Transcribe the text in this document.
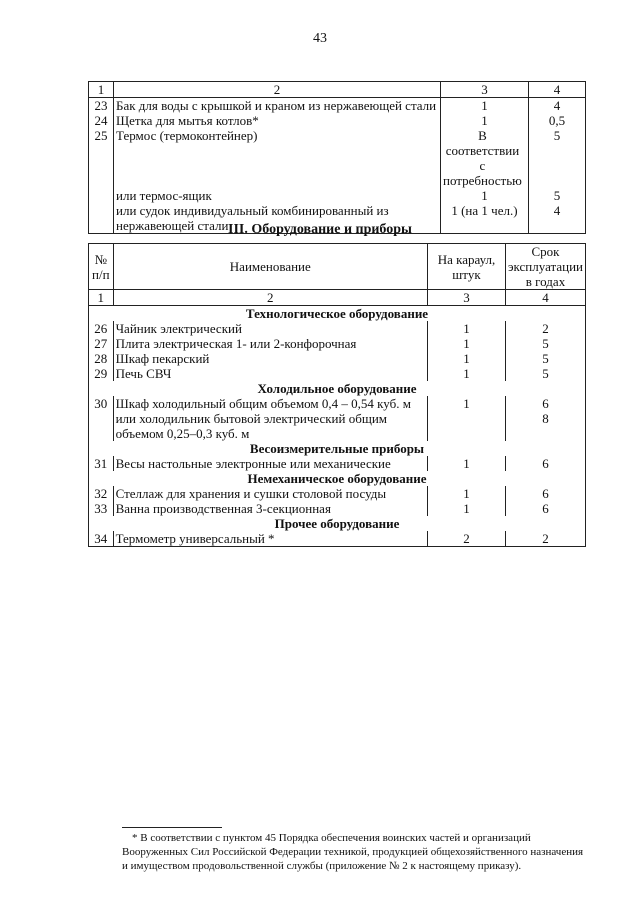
43
1	2	3	4
23	Бак для воды с крышкой и краном из нержавеющей стали	1	4
24	Щетка для мытья котлов*	1	0,5
25	Термос (термоконтейнер)	В соответствии с потребностью	5
	или термос-ящик	1	5
	или судок индивидуальный комбинированный из нержавеющей стали	1 (на 1 чел.)	4
III. Оборудование и приборы
№ п/п	Наименование	На караул, штук	Срок эксплуатации в годах
1	2	3	4
Технологическое оборудование			
26	Чайник электрический	1	2
27	Плита электрическая 1- или 2-конфорочная	1	5
28	Шкаф пекарский	1	5
29	Печь СВЧ	1	5
Холодильное оборудование			
30	Шкаф холодильный общим объемом 0,4 – 0,54 куб. м	1	6
	или холодильник бытовой электрический общим объемом 0,25–0,3 куб. м		8
Весоизмерительные приборы			
31	Весы настольные электронные или механические	1	6
Немеханическое оборудование			
32	Стеллаж для хранения и сушки столовой посуды	1	6
33	Ванна производственная 3-секционная	1	6
Прочее оборудование			
34	Термометр универсальный *	2	2
* В соответствии с пунктом 45 Порядка обеспечения воинских частей и организаций Вооруженных Сил Российской Федерации техникой, продукцией общехозяйственного назначения и имуществом продовольственной службы (приложение № 2 к настоящему приказу).
